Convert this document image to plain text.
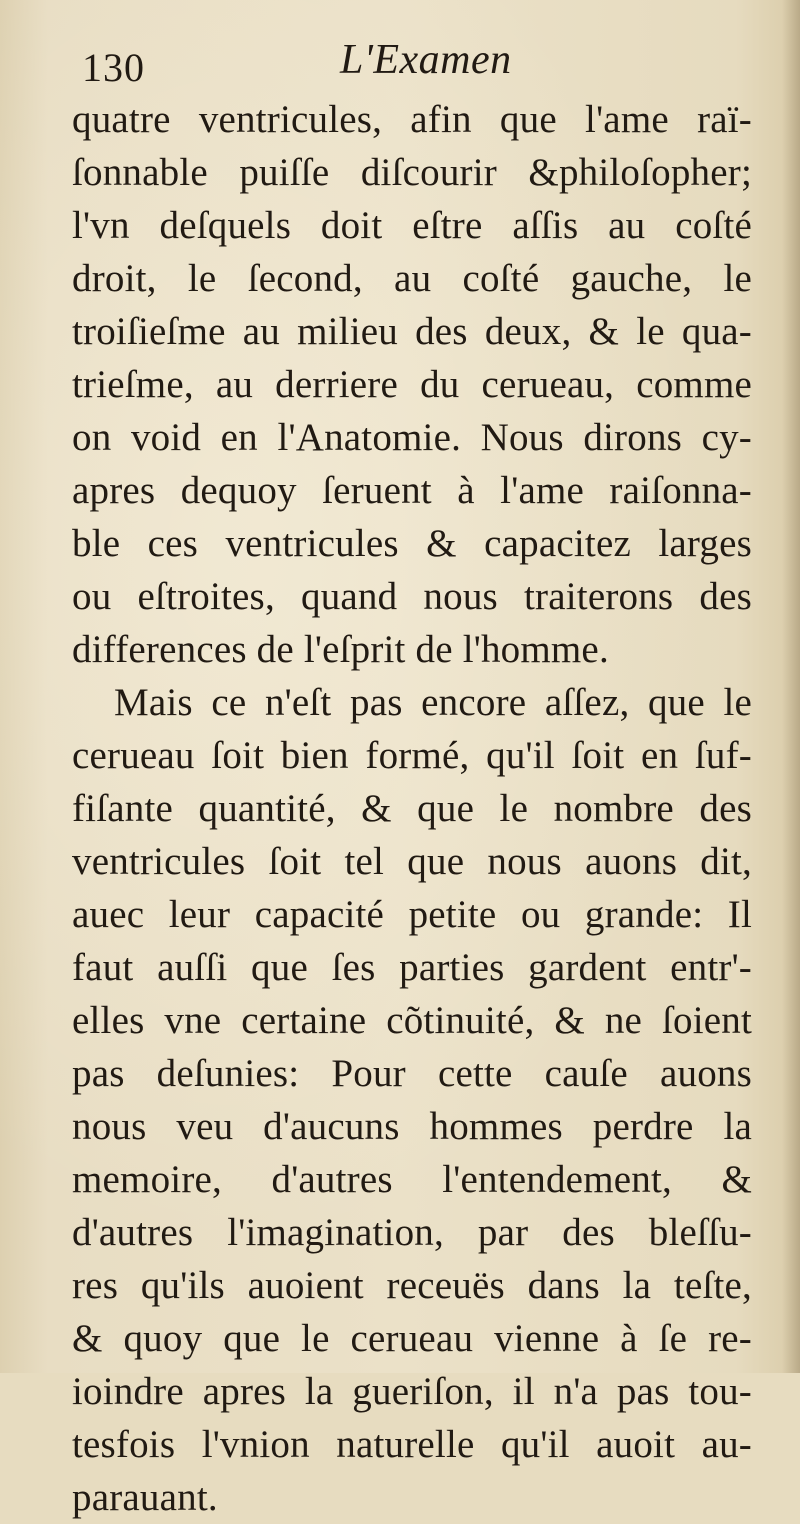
130	L'Examen
quatre ventricules, afin que l'ame raï-
ſonnable puiſſe diſcourir &philoſopher;
l'vn deſquels doit eſtre aſſis au coſté
droit, le ſecond, au coſté gauche, le
troiſieſme au milieu des deux, & le qua-
trieſme, au derriere du cerueau, comme
on void en l'Anatomie. Nous dirons cy-
apres dequoy ſeruent à l'ame raiſonna-
ble ces ventricules & capacitez larges
ou eſtroites, quand nous traiterons des
differences de l'eſprit de l'homme.
Mais ce n'eſt pas encore aſſez, que le
cerueau ſoit bien formé, qu'il ſoit en ſuf-
fiſante quantité, & que le nombre des
ventricules ſoit tel que nous auons dit,
auec leur capacité petite ou grande: Il
faut auſſi que ſes parties gardent entr'-
elles vne certaine cõtinuité, & ne ſoient
pas deſunies: Pour cette cauſe auons
nous veu d'aucuns hommes perdre la
memoire, d'autres l'entendement, &
d'autres l'imagination, par des bleſſu-
res qu'ils auoient receuës dans la teſte,
& quoy que le cerueau vienne à ſe re-
ioindre apres la gueriſon, il n'a pas tou-
tesfois l'vnion naturelle qu'il auoit au-
parauant.
